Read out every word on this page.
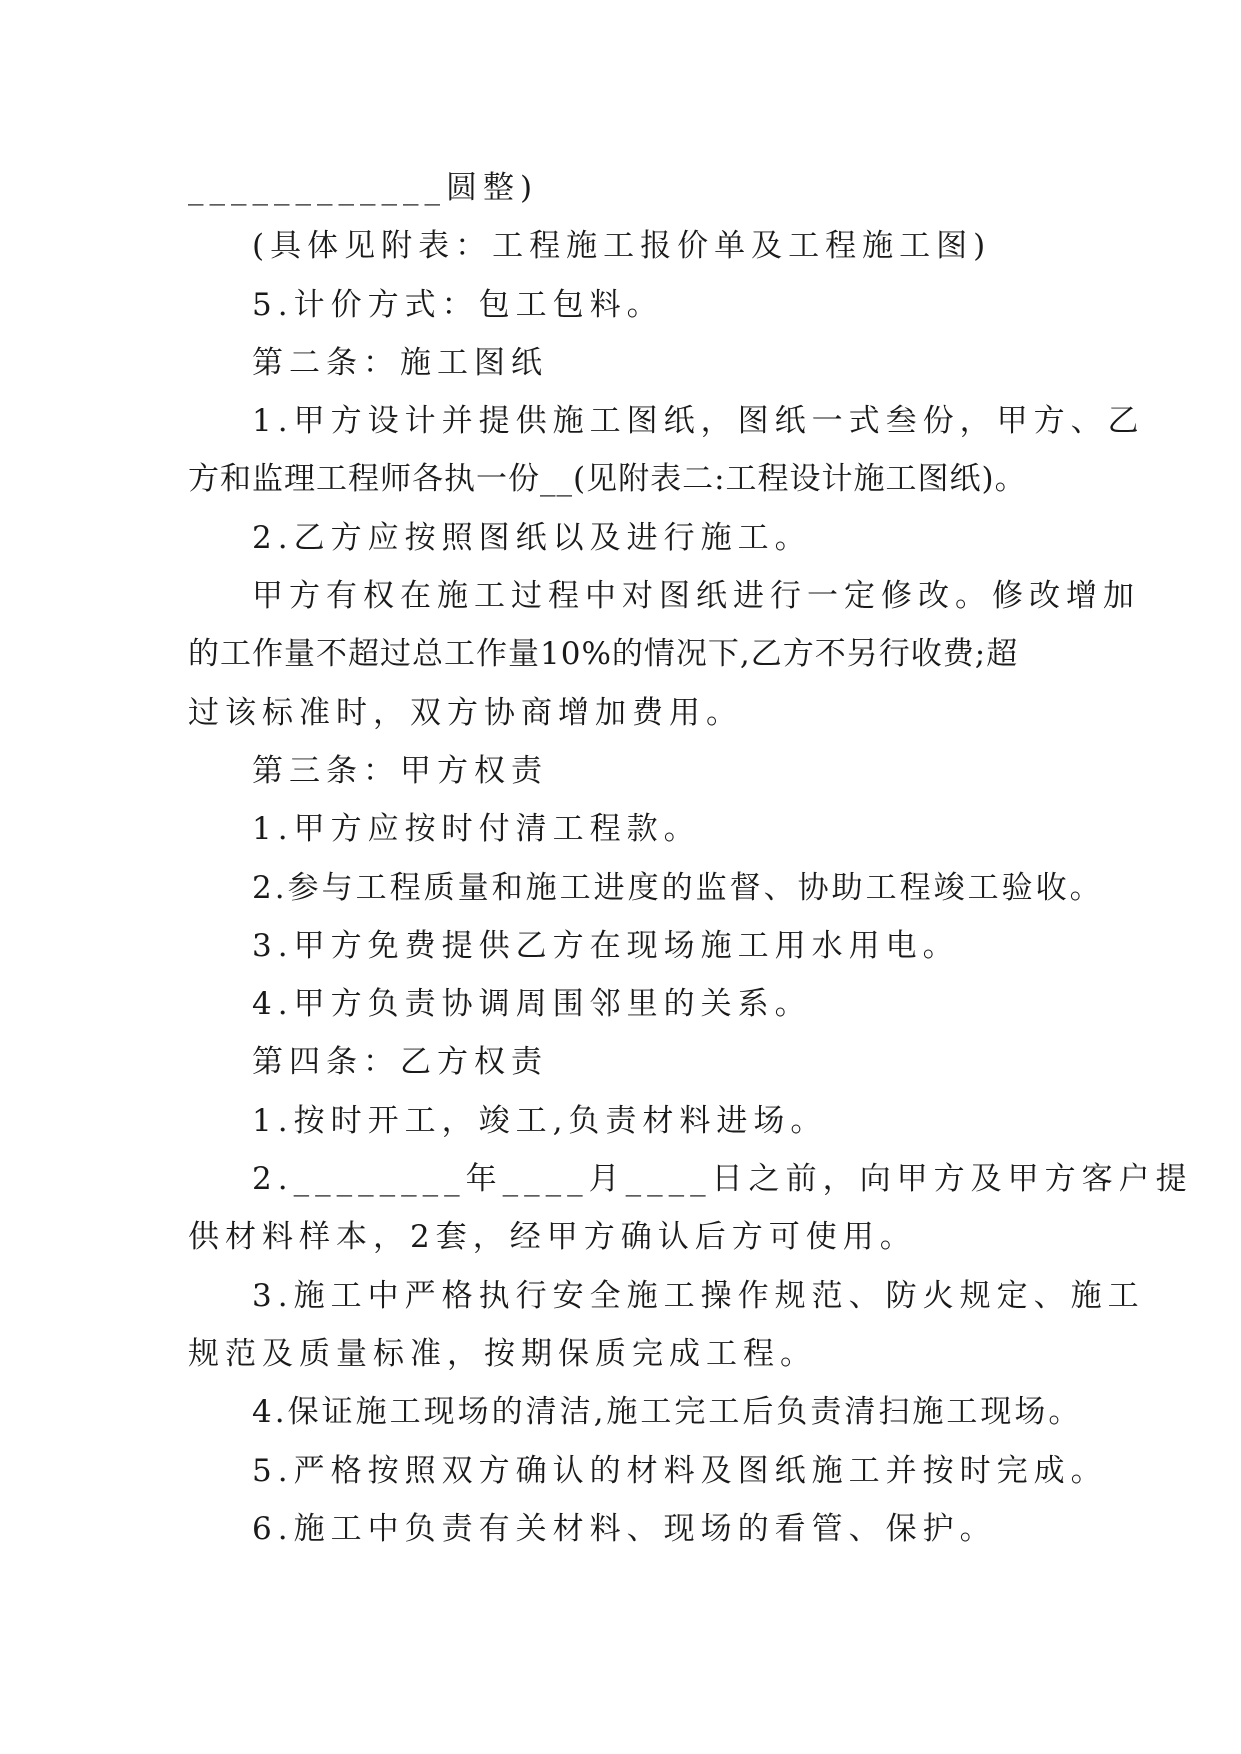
____________圆整)
(具体见附表：工程施工报价单及工程施工图)
5.计价方式：包工包料。
第二条：施工图纸
1.甲方设计并提供施工图纸，图纸一式叁份，甲方、乙
方和监理工程师各执一份__(见附表二:工程设计施工图纸)。
2.乙方应按照图纸以及进行施工。
甲方有权在施工过程中对图纸进行一定修改。修改增加
的工作量不超过总工作量10%的情况下,乙方不另行收费;超
过该标准时，双方协商增加费用。
第三条：甲方权责
1.甲方应按时付清工程款。
2.参与工程质量和施工进度的监督、协助工程竣工验收。
3.甲方免费提供乙方在现场施工用水用电。
4.甲方负责协调周围邻里的关系。
第四条：乙方权责
1.按时开工，竣工,负责材料进场。
2.________年____月____日之前，向甲方及甲方客户提
供材料样本，2套，经甲方确认后方可使用。
3.施工中严格执行安全施工操作规范、防火规定、施工
规范及质量标准，按期保质完成工程。
4.保证施工现场的清洁,施工完工后负责清扫施工现场。
5.严格按照双方确认的材料及图纸施工并按时完成。
6.施工中负责有关材料、现场的看管、保护。
